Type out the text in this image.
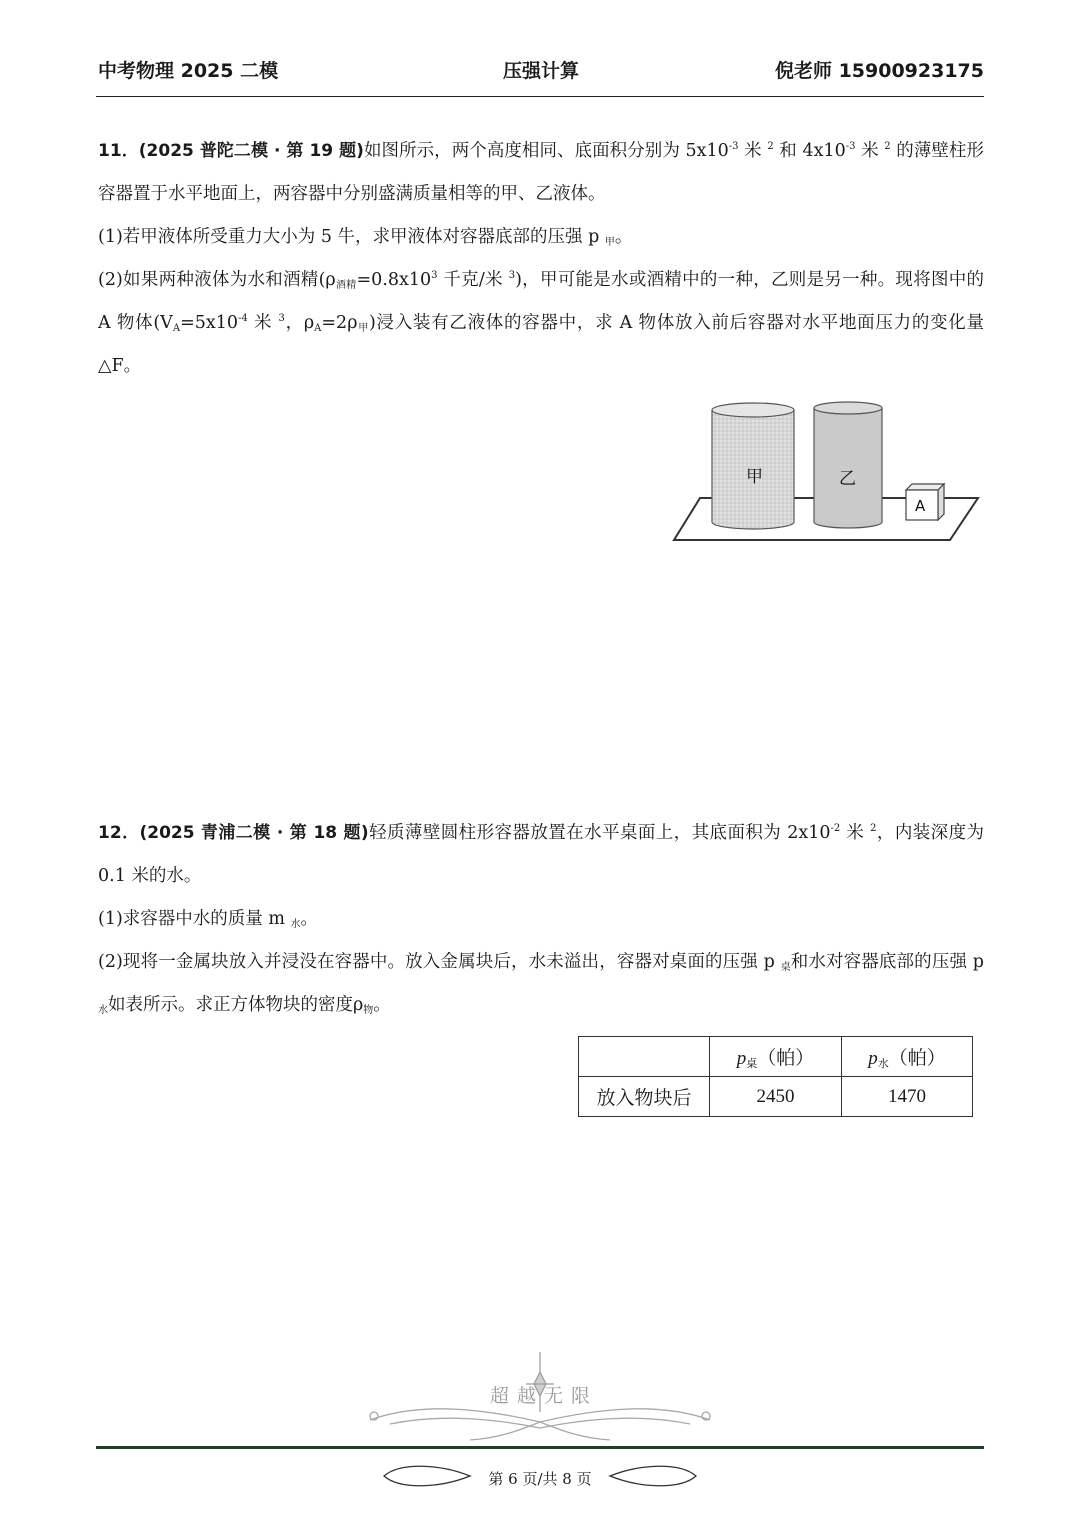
中考物理 2025 二模	压强计算	倪老师 15900923175

11．(2025 普陀二模 · 第 19 题)如图所示，两个高度相同、底面积分别为 $5x10^{-3}$ 米 $^2$ 和 $4x10^{-3}$ 米 $^2$ 的薄壁柱形容器置于水平地面上，两容器中分别盛满质量相等的甲、乙液体。

(1)若甲液体所受重力大小为 5 牛，求甲液体对容器底部的压强 p $_甲$。

(2)如果两种液体为水和酒精($\rho_{酒精}=0.8x10^3$ 千克/米 $^3$)，甲可能是水或酒精中的一种，乙则是另一种。现将图中的 A 物体($V_A=5x10^{-4}$ 米 $^3$，$\rho_A=2\rho_甲$)浸入装有乙液体的容器中，求 A 物体放入前后容器对水平地面压力的变化量△F。

甲	乙
A

12．(2025 青浦二模 · 第 18 题)轻质薄壁圆柱形容器放置在水平桌面上，其底面积为 $2x10^{-2}$ 米 $^2$，内装深度为 0.1 米的水。

(1)求容器中水的质量 m $_水$。

(2)现将一金属块放入并浸没在容器中。放入金属块后，水未溢出，容器对桌面的压强 p $_桌$和水对容器底部的压强 p $_水$如表所示。求正方体物块的密度$\rho_物$。

	p桌（帕）	p水（帕）
放入物块后	2450	1470
超越无限
第 6 页/共 8 页
